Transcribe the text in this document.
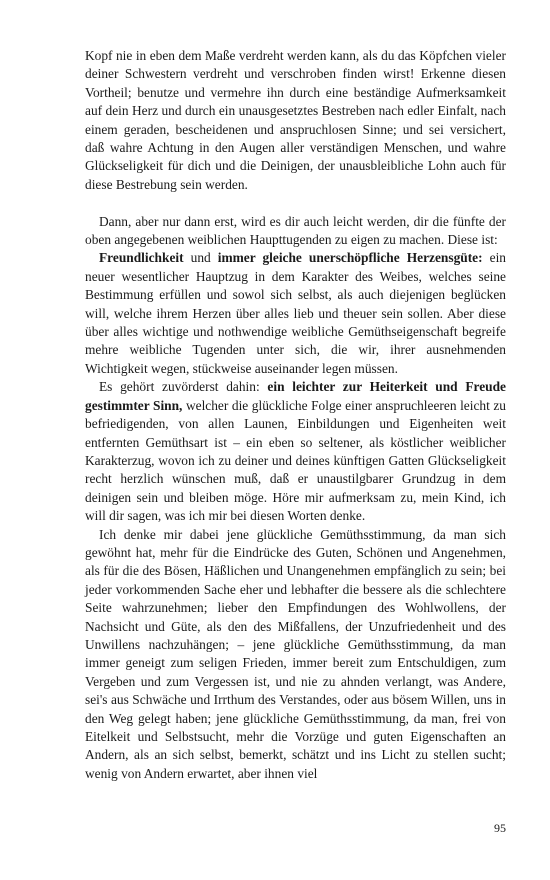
Kopf nie in eben dem Maße verdreht werden kann, als du das Köpfchen vieler deiner Schwestern verdreht und verschroben finden wirst! Erkenne diesen Vortheil; benutze und vermehre ihn durch eine beständige Aufmerksamkeit auf dein Herz und durch ein unausgesetztes Bestreben nach edler Einfalt, nach einem geraden, bescheidenen und anspruchlosen Sinne; und sei versichert, daß wahre Achtung in den Augen aller verständigen Menschen, und wahre Glückseligkeit für dich und die Deinigen, der unausbleibliche Lohn auch für diese Bestrebung sein werden.

Dann, aber nur dann erst, wird es dir auch leicht werden, dir die fünfte der oben angegebenen weiblichen Haupttugenden zu eigen zu machen. Diese ist:

Freundlichkeit und immer gleiche unerschöpfliche Herzensgüte: ein neuer wesentlicher Hauptzug in dem Karakter des Weibes, welches seine Bestimmung erfüllen und sowol sich selbst, als auch diejenigen beglücken will, welche ihrem Herzen über alles lieb und theuer sein sollen. Aber diese über alles wichtige und nothwendige weibliche Gemüthseigenschaft begreife mehre weibliche Tugenden unter sich, die wir, ihrer ausnehmenden Wichtigkeit wegen, stückweise auseinander legen müssen.

Es gehört zuvörderst dahin: ein leichter zur Heiterkeit und Freude gestimmter Sinn, welcher die glückliche Folge einer anspruchleeren leicht zu befriedigenden, von allen Launen, Einbildungen und Eigenheiten weit entfernten Gemüthsart ist – ein eben so seltener, als köstlicher weiblicher Karakterzug, wovon ich zu deiner und deines künftigen Gatten Glückseligkeit recht herzlich wünschen muß, daß er unaustilgbarer Grundzug in dem deinigen sein und bleiben möge. Höre mir aufmerksam zu, mein Kind, ich will dir sagen, was ich mir bei diesen Worten denke.

Ich denke mir dabei jene glückliche Gemüthsstimmung, da man sich gewöhnt hat, mehr für die Eindrücke des Guten, Schönen und Angenehmen, als für die des Bösen, Häßlichen und Unangenehmen empfänglich zu sein; bei jeder vorkommenden Sache eher und lebhafter die bessere als die schlechtere Seite wahrzunehmen; lieber den Empfindungen des Wohlwollens, der Nachsicht und Güte, als den des Mißfallens, der Unzufriedenheit und des Unwillens nachzuhängen; – jene glückliche Gemüthsstimmung, da man immer geneigt zum seligen Frieden, immer bereit zum Entschuldigen, zum Vergeben und zum Vergessen ist, und nie zu ahnden verlangt, was Andere, sei's aus Schwäche und Irrthum des Verstandes, oder aus bösem Willen, uns in den Weg gelegt haben; jene glückliche Gemüthsstimmung, da man, frei von Eitelkeit und Selbstsucht, mehr die Vorzüge und guten Eigenschaften an Andern, als an sich selbst, bemerkt, schätzt und ins Licht zu stellen sucht; wenig von Andern erwartet, aber ihnen viel

95
